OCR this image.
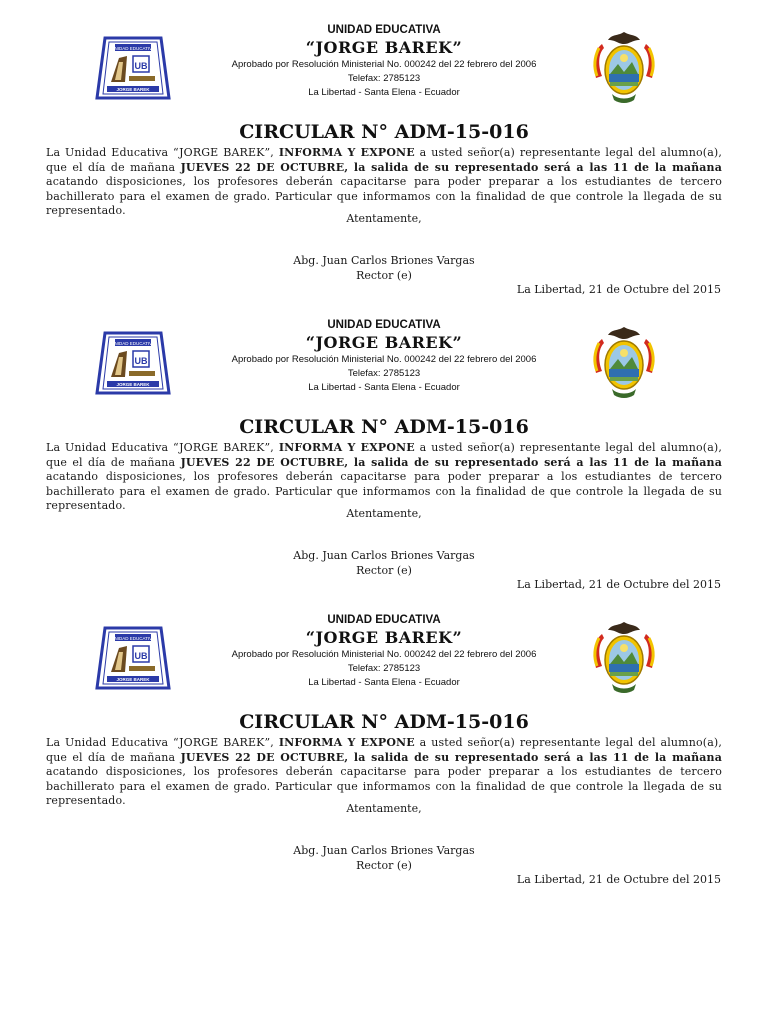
UNIDAD EDUCATIVA
UB
JORGE BAREK
UNIDAD EDUCATIVA
“JORGE BAREK”
Aprobado por Resolución Ministerial No. 000242 del 22 febrero del 2006
Telefax: 2785123
La Libertad - Santa Elena - Ecuador
CIRCULAR N° ADM-15-016
La Unidad Educativa “JORGE BAREK”, INFORMA Y EXPONE a usted señor(a) representante legal del alumno(a), que el día de mañana JUEVES 22 DE OCTUBRE, la salida de su representado será a las 11 de la mañana acatando disposiciones, los profesores deberán capacitarse para poder preparar a los estudiantes de tercero bachillerato para el examen de grado. Particular que informamos con la finalidad de que controle la llegada de su representado.
Atentamente,
Abg. Juan Carlos Briones Vargas
Rector (e)
La Libertad, 21 de Octubre del 2015
UNIDAD EDUCATIVA
UB
JORGE BAREK
UNIDAD EDUCATIVA
“JORGE BAREK”
Aprobado por Resolución Ministerial No. 000242 del 22 febrero del 2006
Telefax: 2785123
La Libertad - Santa Elena - Ecuador
CIRCULAR N° ADM-15-016
La Unidad Educativa “JORGE BAREK”, INFORMA Y EXPONE a usted señor(a) representante legal del alumno(a), que el día de mañana JUEVES 22 DE OCTUBRE, la salida de su representado será a las 11 de la mañana acatando disposiciones, los profesores deberán capacitarse para poder preparar a los estudiantes de tercero bachillerato para el examen de grado. Particular que informamos con la finalidad de que controle la llegada de su representado.
Atentamente,
Abg. Juan Carlos Briones Vargas
Rector (e)
La Libertad, 21 de Octubre del 2015
UNIDAD EDUCATIVA
UB
JORGE BAREK
UNIDAD EDUCATIVA
“JORGE BAREK”
Aprobado por Resolución Ministerial No. 000242 del 22 febrero del 2006
Telefax: 2785123
La Libertad - Santa Elena - Ecuador
CIRCULAR N° ADM-15-016
La Unidad Educativa “JORGE BAREK”, INFORMA Y EXPONE a usted señor(a) representante legal del alumno(a), que el día de mañana JUEVES 22 DE OCTUBRE, la salida de su representado será a las 11 de la mañana acatando disposiciones, los profesores deberán capacitarse para poder preparar a los estudiantes de tercero bachillerato para el examen de grado. Particular que informamos con la finalidad de que controle la llegada de su representado.
Atentamente,
Abg. Juan Carlos Briones Vargas
Rector (e)
La Libertad, 21 de Octubre del 2015
